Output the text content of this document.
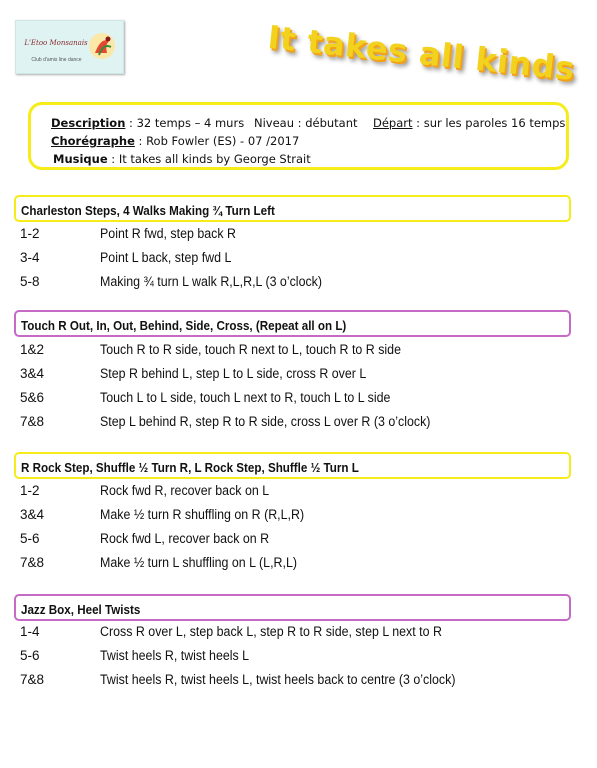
L'Etoo Monsanais
Club d'amis line dance	It takes all kinds
Description : 32 temps – 4 murs Niveau : débutant Départ : sur les paroles 16 temps
Chorégraphe : Rob Fowler (ES) - 07 /2017
Musique : It takes all kinds by George Strait
Charleston Steps, 4 Walks Making ¾ Turn Left
1-2	Point R fwd, step back R
3-4	Point L back, step fwd L
5-8	Making ¾ turn L walk R,L,R,L (3 o’clock)
Touch R Out, In, Out, Behind, Side, Cross, (Repeat all on L)
1&2	Touch R to R side, touch R next to L, touch R to R side
3&4	Step R behind L, step L to L side, cross R over L
5&6	Touch L to L side, touch L next to R, touch L to L side
7&8	Step L behind R, step R to R side, cross L over R (3 o’clock)
R Rock Step, Shuffle ½ Turn R, L Rock Step, Shuffle ½ Turn L
1-2	Rock fwd R, recover back on L
3&4	Make ½ turn R shuffling on R (R,L,R)
5-6	Rock fwd L, recover back on R
7&8	Make ½ turn L shuffling on L (L,R,L)
Jazz Box, Heel Twists
1-4	Cross R over L, step back L, step R to R side, step L next to R
5-6	Twist heels R, twist heels L
7&8	Twist heels R, twist heels L, twist heels back to centre (3 o’clock)
